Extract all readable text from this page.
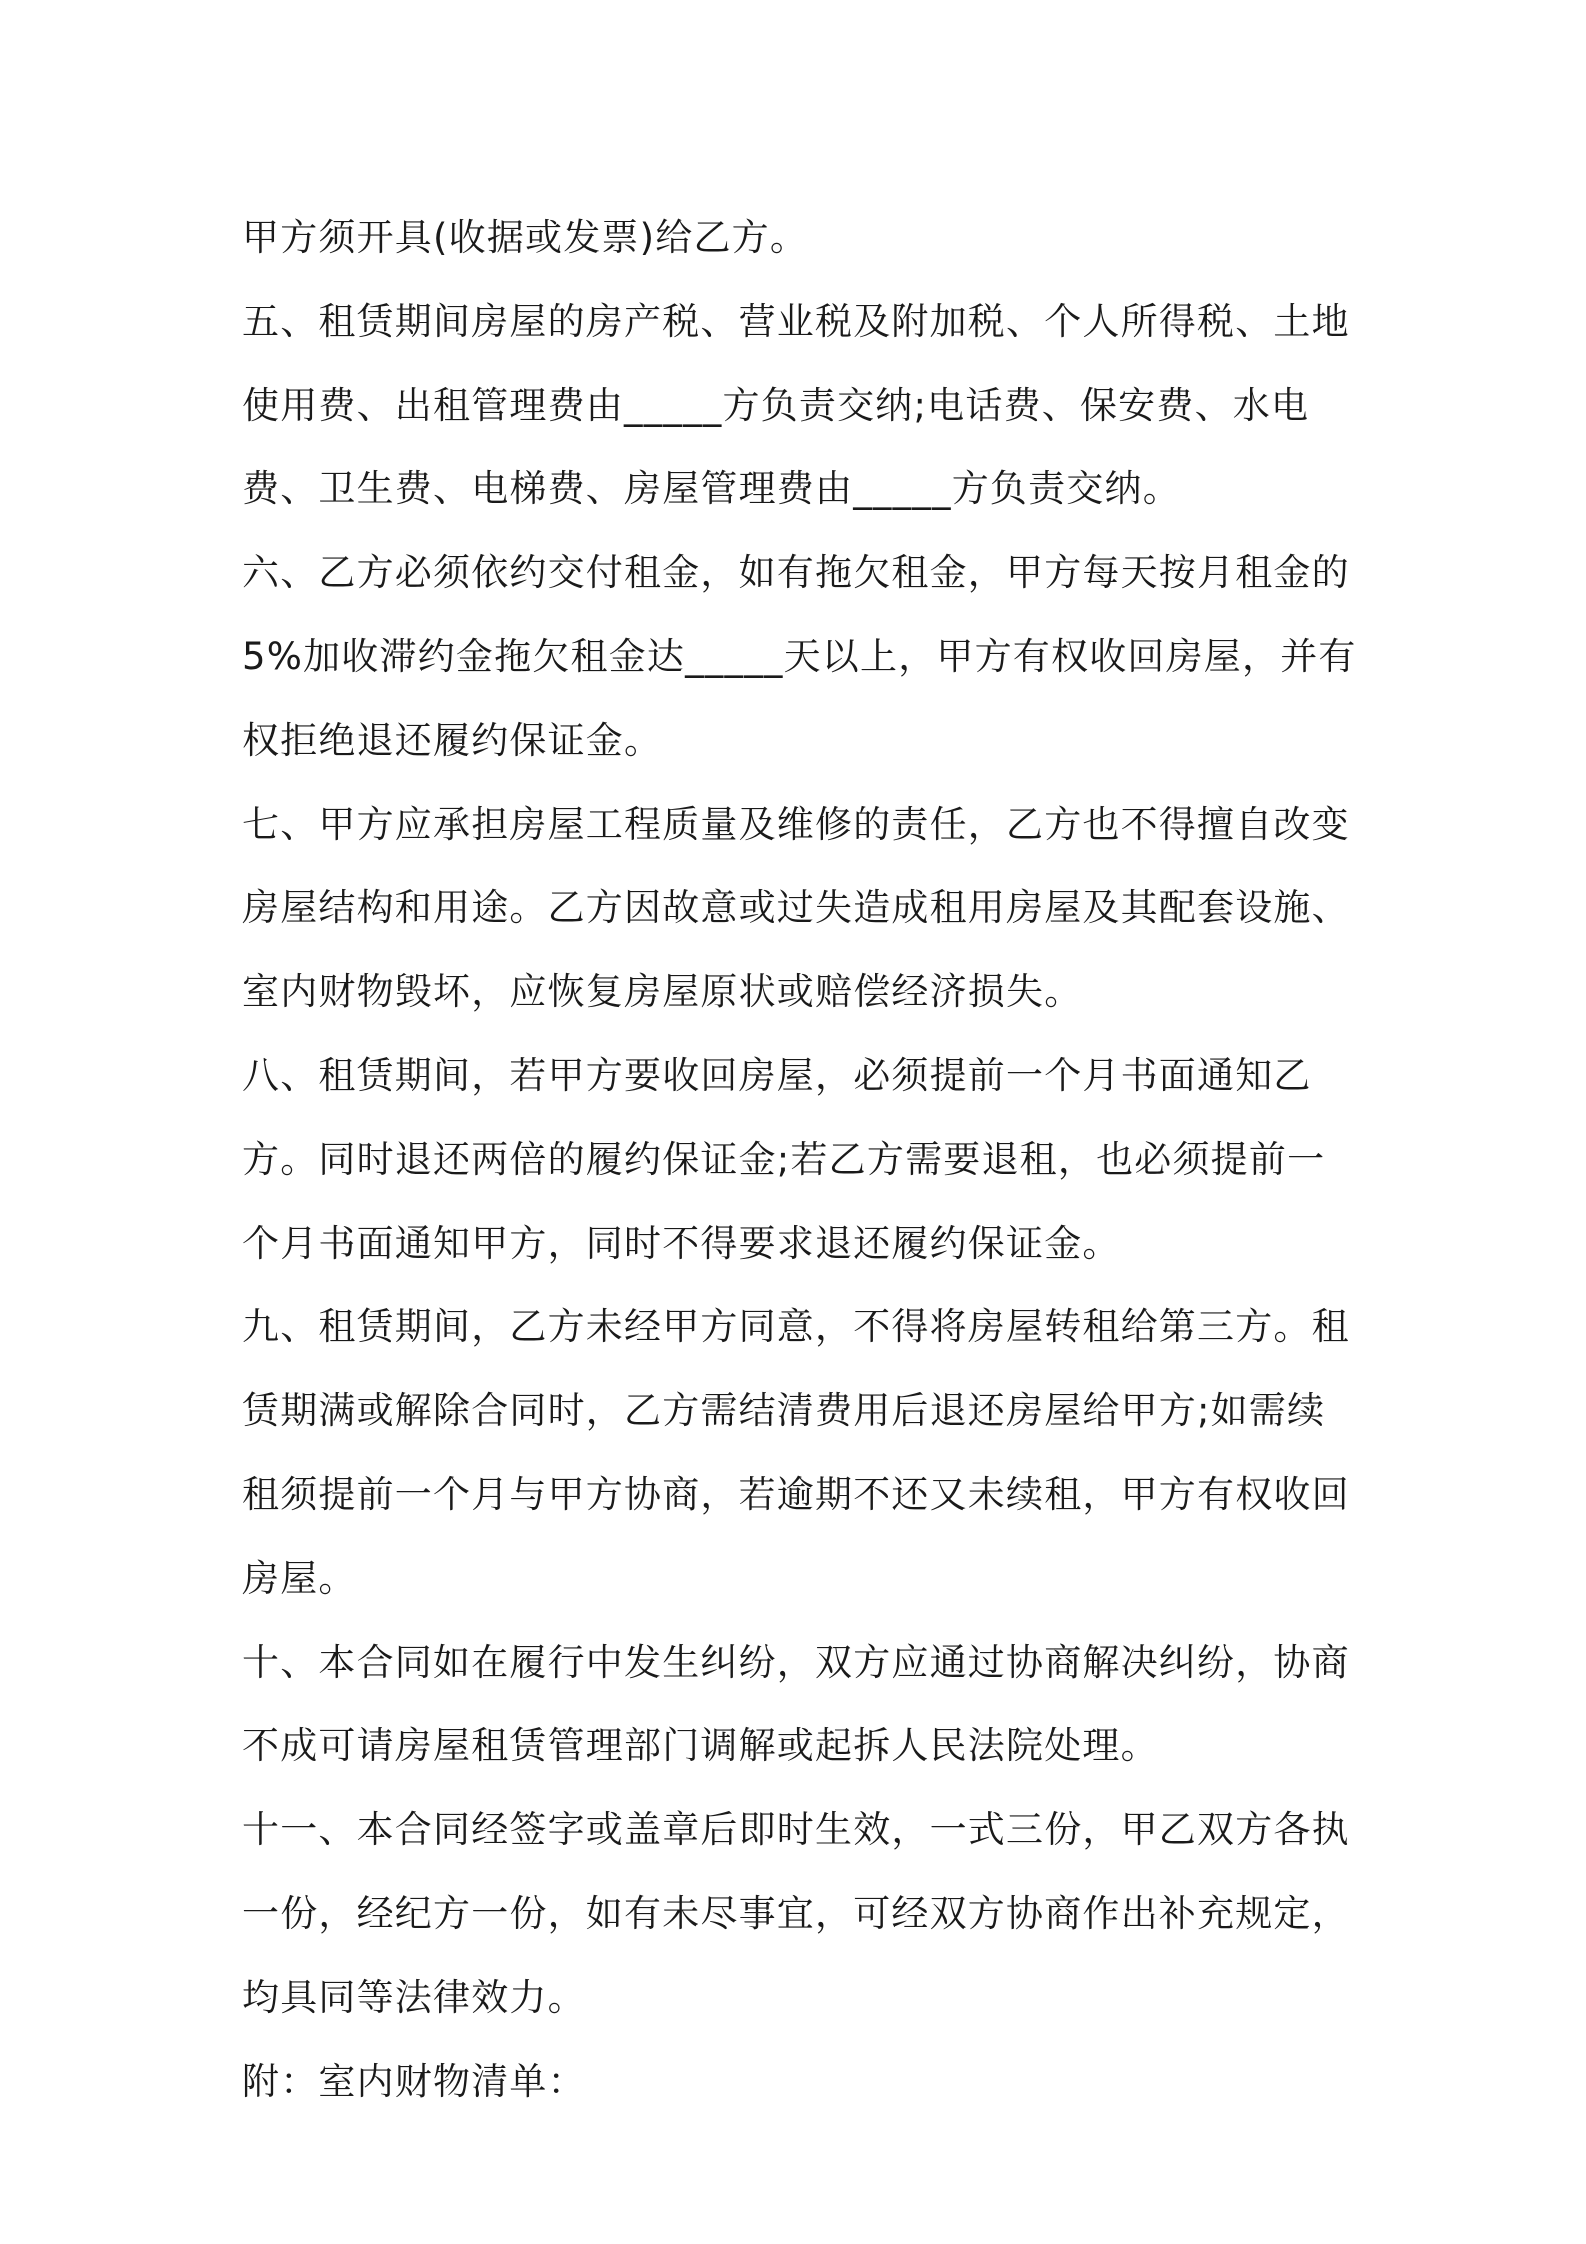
甲方须开具(收据或发票)给乙方。

五、租赁期间房屋的房产税、营业税及附加税、个人所得税、土地使用费、出租管理费由_____方负责交纳;电话费、保安费、水电费、卫生费、电梯费、房屋管理费由_____方负责交纳。

六、乙方必须依约交付租金，如有拖欠租金，甲方每天按月租金的5%加收滞约金拖欠租金达_____天以上，甲方有权收回房屋，并有权拒绝退还履约保证金。

七、甲方应承担房屋工程质量及维修的责任，乙方也不得擅自改变房屋结构和用途。乙方因故意或过失造成租用房屋及其配套设施、室内财物毁坏，应恢复房屋原状或赔偿经济损失。

八、租赁期间，若甲方要收回房屋，必须提前一个月书面通知乙方。同时退还两倍的履约保证金;若乙方需要退租，也必须提前一个月书面通知甲方，同时不得要求退还履约保证金。

九、租赁期间，乙方未经甲方同意，不得将房屋转租给第三方。租赁期满或解除合同时，乙方需结清费用后退还房屋给甲方;如需续租须提前一个月与甲方协商，若逾期不还又未续租，甲方有权收回房屋。

十、本合同如在履行中发生纠纷，双方应通过协商解决纠纷，协商不成可请房屋租赁管理部门调解或起拆人民法院处理。

十一、本合同经签字或盖章后即时生效，一式三份，甲乙双方各执一份，经纪方一份，如有未尽事宜，可经双方协商作出补充规定，均具同等法律效力。

附：室内财物清单：
